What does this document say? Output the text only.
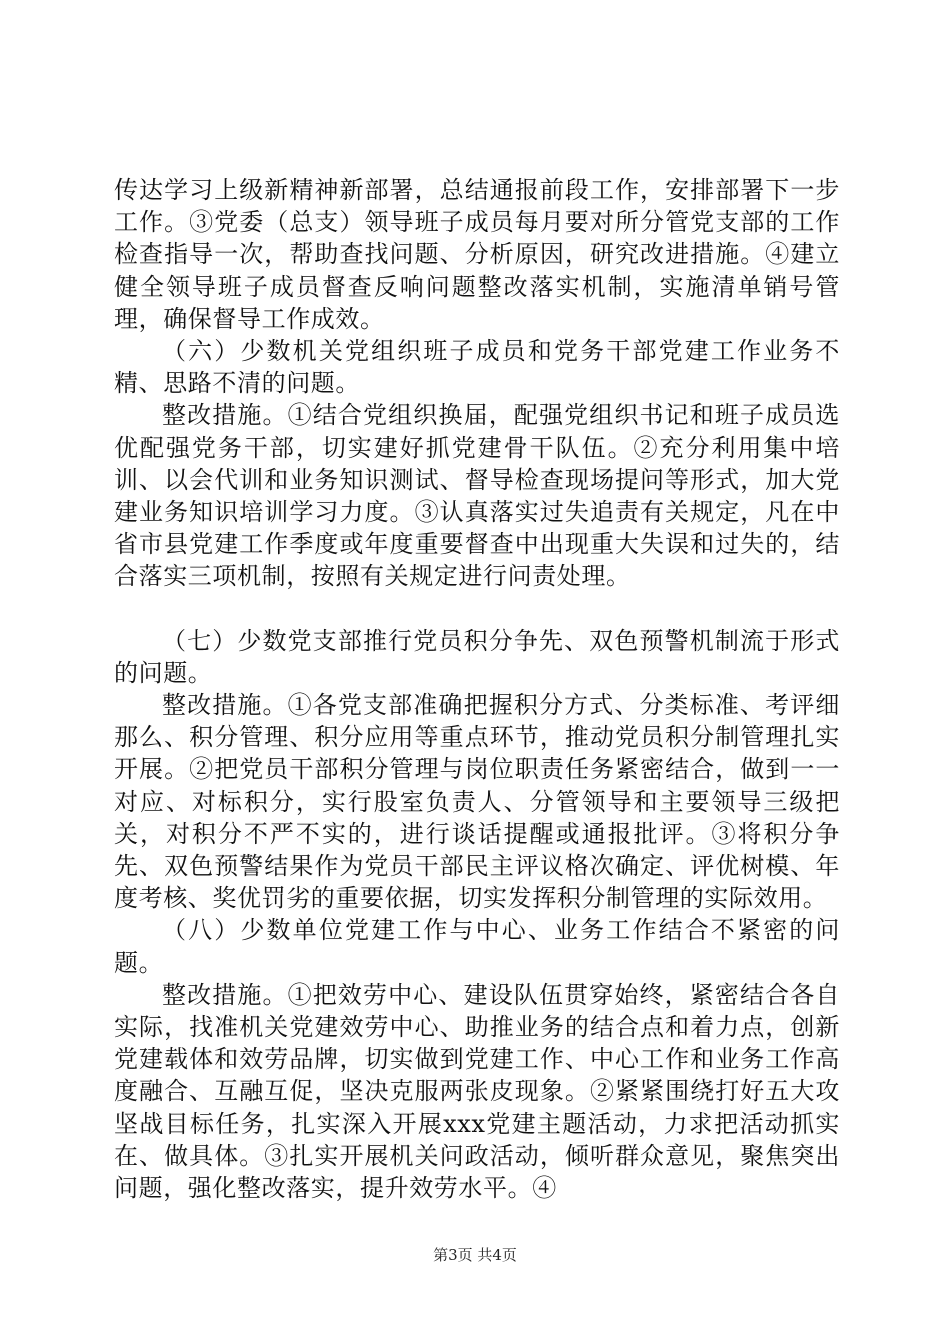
传达学习上级新精神新部署，总结通报前段工作，安排部署下一步工作。③党委（总支）领导班子成员每月要对所分管党支部的工作检查指导一次，帮助查找问题、分析原因，研究改进措施。④建立健全领导班子成员督查反响问题整改落实机制，实施清单销号管理，确保督导工作成效。

（六）少数机关党组织班子成员和党务干部党建工作业务不精、思路不清的问题。

整改措施。①结合党组织换届，配强党组织书记和班子成员选优配强党务干部，切实建好抓党建骨干队伍。②充分利用集中培训、以会代训和业务知识测试、督导检查现场提问等形式，加大党建业务知识培训学习力度。③认真落实过失追责有关规定，凡在中省市县党建工作季度或年度重要督查中出现重大失误和过失的，结合落实三项机制，按照有关规定进行问责处理。

（七）少数党支部推行党员积分争先、双色预警机制流于形式的问题。

整改措施。①各党支部准确把握积分方式、分类标准、考评细那么、积分管理、积分应用等重点环节，推动党员积分制管理扎实开展。②把党员干部积分管理与岗位职责任务紧密结合，做到一一对应、对标积分，实行股室负责人、分管领导和主要领导三级把关，对积分不严不实的，进行谈话提醒或通报批评。③将积分争先、双色预警结果作为党员干部民主评议格次确定、评优树模、年度考核、奖优罚劣的重要依据，切实发挥积分制管理的实际效用。

（八）少数单位党建工作与中心、业务工作结合不紧密的问题。

整改措施。①把效劳中心、建设队伍贯穿始终，紧密结合各自实际，找准机关党建效劳中心、助推业务的结合点和着力点，创新党建载体和效劳品牌，切实做到党建工作、中心工作和业务工作高度融合、互融互促，坚决克服两张皮现象。②紧紧围绕打好五大攻坚战目标任务，扎实深入开展xxx党建主题活动，力求把活动抓实在、做具体。③扎实开展机关问政活动，倾听群众意见，聚焦突出问题，强化整改落实，提升效劳水平。④

第3页 共4页
